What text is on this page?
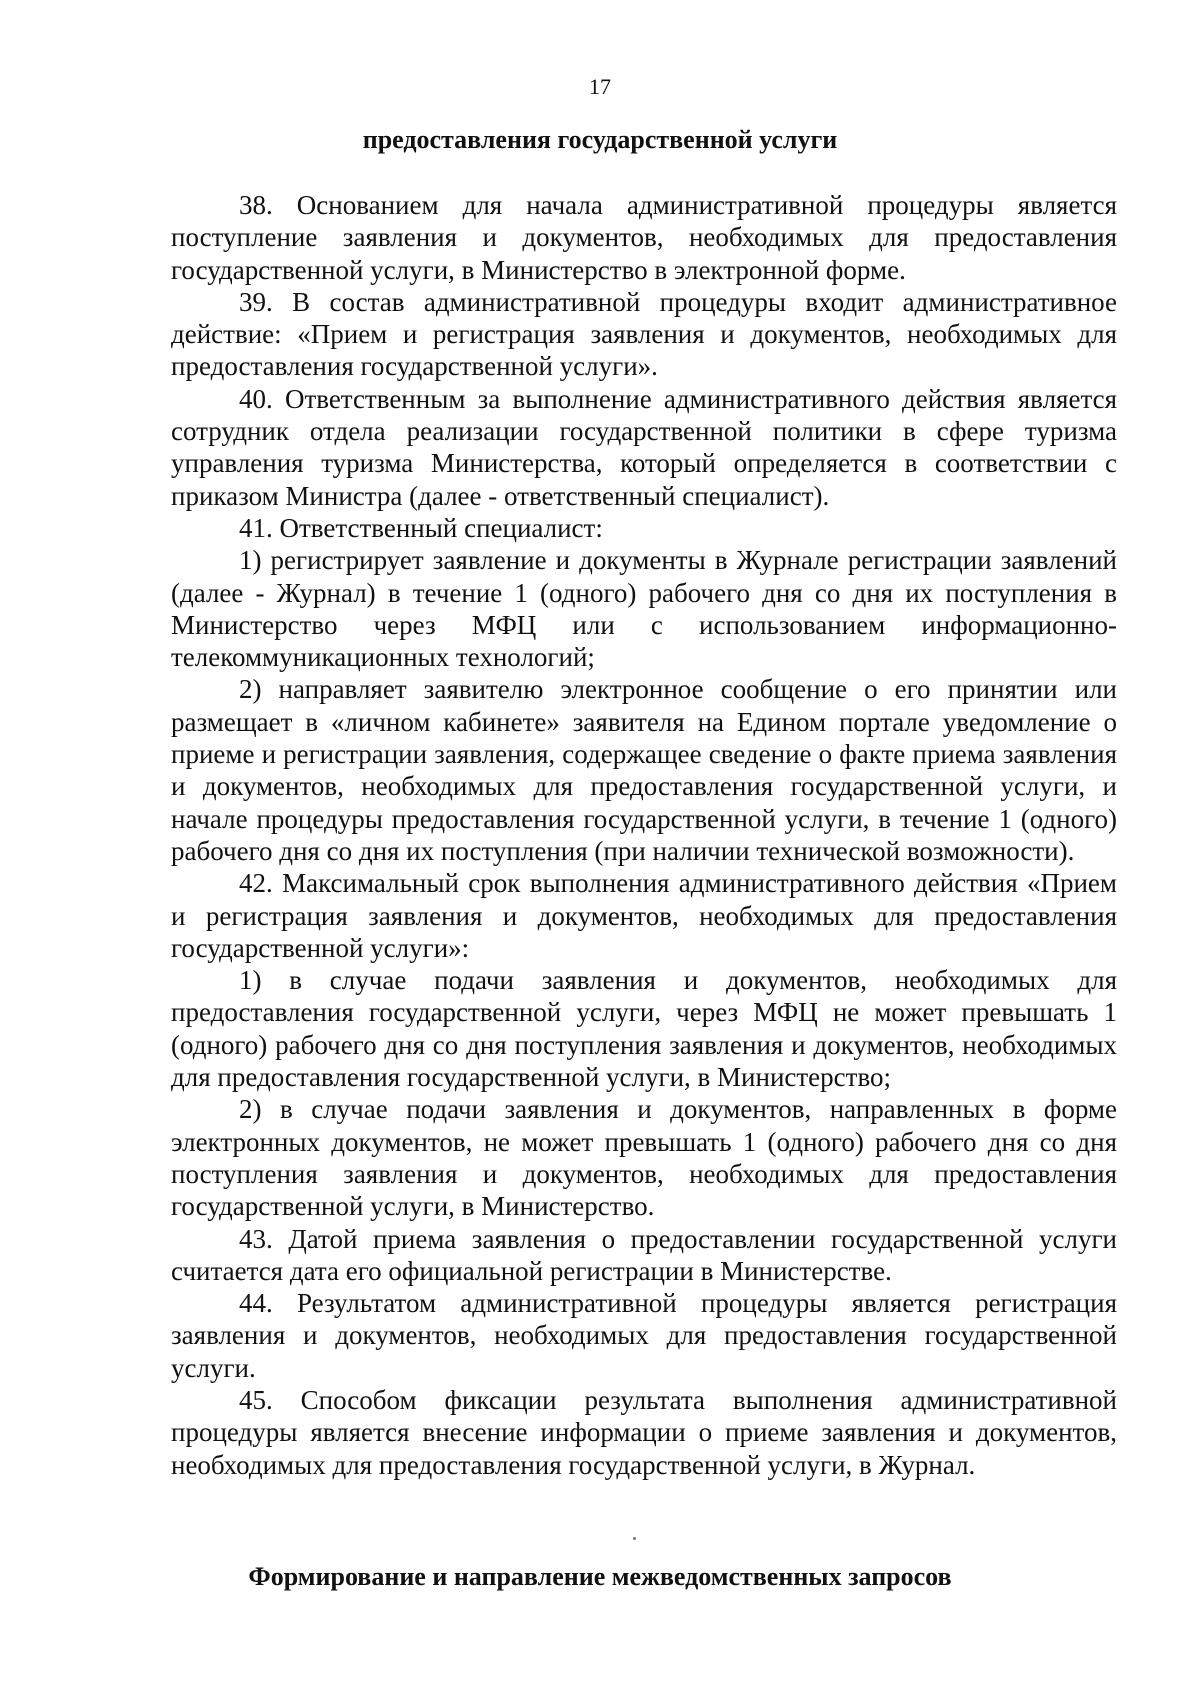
17
предоставления государственной услуги

38. Основанием для начала административной процедуры является поступление заявления и документов, необходимых для предоставления государственной услуги, в Министерство в электронной форме.

39. В состав административной процедуры входит административное действие: «Прием и регистрация заявления и документов, необходимых для предоставления государственной услуги».

40. Ответственным за выполнение административного действия является сотрудник отдела реализации государственной политики в сфере туризма управления туризма Министерства, который определяется в соответствии с приказом Министра (далее - ответственный специалист).

41. Ответственный специалист:

1) регистрирует заявление и документы в Журнале регистрации заявлений (далее - Журнал) в течение 1 (одного) рабочего дня со дня их поступления в Министерство через МФЦ или с использованием информационно-телекоммуникационных технологий;

2) направляет заявителю электронное сообщение о его принятии или размещает в «личном кабинете» заявителя на Едином портале уведомление о приеме и регистрации заявления, содержащее сведение о факте приема заявления и документов, необходимых для предоставления государственной услуги, и начале процедуры предоставления государственной услуги, в течение 1 (одного) рабочего дня со дня их поступления (при наличии технической возможности).

42. Максимальный срок выполнения административного действия «Прием и регистрация заявления и документов, необходимых для предоставления государственной услуги»:

1) в случае подачи заявления и документов, необходимых для предоставления государственной услуги, через МФЦ не может превышать 1 (одного) рабочего дня со дня поступления заявления и документов, необходимых для предоставления государственной услуги, в Министерство;

2) в случае подачи заявления и документов, направленных в форме электронных документов, не может превышать 1 (одного) рабочего дня со дня поступления заявления и документов, необходимых для предоставления государственной услуги, в Министерство.

43. Датой приема заявления о предоставлении государственной услуги считается дата его официальной регистрации в Министерстве.

44. Результатом административной процедуры является регистрация заявления и документов, необходимых для предоставления государственной услуги.

45. Способом фиксации результата выполнения административной процедуры является внесение информации о приеме заявления и документов, необходимых для предоставления государственной услуги, в Журнал.

Формирование и направление межведомственных запросов
